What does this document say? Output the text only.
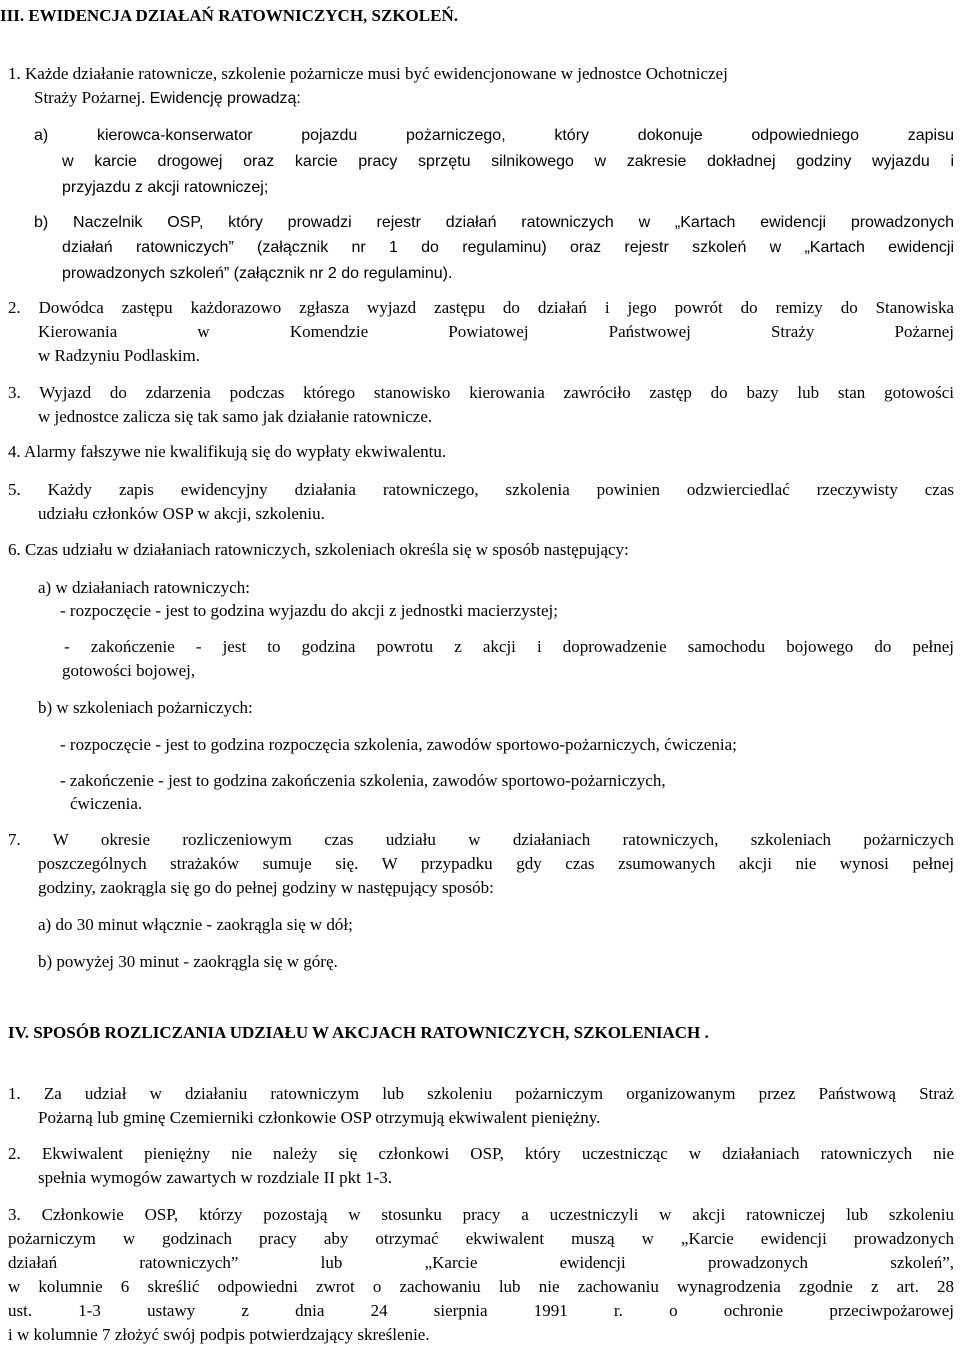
III. EWIDENCJA DZIAŁAŃ RATOWNICZYCH, SZKOLEŃ.
1. Każde działanie ratownicze, szkolenie pożarnicze musi być ewidencjonowane w jednostce Ochotniczej
Straży Pożarnej. Ewidencję prowadzą:
a) kierowca-konserwator pojazdu pożarniczego, który dokonuje odpowiedniego zapisu
w karcie drogowej oraz karcie pracy sprzętu silnikowego w zakresie dokładnej godziny wyjazdu i
przyjazdu z akcji ratowniczej;
b) Naczelnik OSP, który prowadzi rejestr działań ratowniczych w „Kartach ewidencji prowadzonych
działań ratowniczych” (załącznik nr 1 do regulaminu) oraz rejestr szkoleń w „Kartach ewidencji
prowadzonych szkoleń” (załącznik nr 2 do regulaminu).
2. Dowódca zastępu każdorazowo zgłasza wyjazd zastępu do działań i jego powrót do remizy do Stanowiska
Kierowania w Komendzie Powiatowej Państwowej Straży Pożarnej
w Radzyniu Podlaskim.
3. Wyjazd do zdarzenia podczas którego stanowisko kierowania zawróciło zastęp do bazy lub stan gotowości
w jednostce zalicza się tak samo jak działanie ratownicze.
4. Alarmy fałszywe nie kwalifikują się do wypłaty ekwiwalentu.
5. Każdy zapis ewidencyjny działania ratowniczego, szkolenia powinien odzwierciedlać rzeczywisty czas
udziału członków OSP w akcji, szkoleniu.
6. Czas udziału w działaniach ratowniczych, szkoleniach określa się w sposób następujący:
a) w działaniach ratowniczych:
- rozpoczęcie - jest to godzina wyjazdu do akcji z jednostki macierzystej;
- zakończenie - jest to godzina powrotu z akcji i doprowadzenie samochodu bojowego do pełnej
gotowości bojowej,
b) w szkoleniach pożarniczych:
- rozpoczęcie - jest to godzina rozpoczęcia szkolenia, zawodów sportowo-pożarniczych, ćwiczenia;
- zakończenie - jest to godzina zakończenia szkolenia, zawodów sportowo-pożarniczych,
ćwiczenia.
7. W okresie rozliczeniowym czas udziału w działaniach ratowniczych, szkoleniach pożarniczych
poszczególnych strażaków sumuje się. W przypadku gdy czas zsumowanych akcji nie wynosi pełnej
godziny, zaokrągla się go do pełnej godziny w następujący sposób:
a) do 30 minut włącznie - zaokrągla się w dół;
b) powyżej 30 minut - zaokrągla się w górę.
IV. SPOSÓB ROZLICZANIA UDZIAŁU W AKCJACH RATOWNICZYCH, SZKOLENIACH .
1. Za udział w działaniu ratowniczym lub szkoleniu pożarniczym organizowanym przez Państwową Straż
Pożarną lub gminę Czemierniki członkowie OSP otrzymują ekwiwalent pieniężny.
2. Ekwiwalent pieniężny nie należy się członkowi OSP, który uczestnicząc w działaniach ratowniczych nie
spełnia wymogów zawartych w rozdziale II pkt 1-3.
3. Członkowie OSP, którzy pozostają w stosunku pracy a uczestniczyli w akcji ratowniczej lub szkoleniu
pożarniczym w godzinach pracy aby otrzymać ekwiwalent muszą w „Karcie ewidencji prowadzonych
działań ratowniczych” lub „Karcie ewidencji prowadzonych szkoleń”,
w kolumnie 6 skreślić odpowiedni zwrot o zachowaniu lub nie zachowaniu wynagrodzenia zgodnie z art. 28
ust. 1-3 ustawy z dnia 24 sierpnia 1991 r. o ochronie przeciwpożarowej
i w kolumnie 7 złożyć swój podpis potwierdzający skreślenie.
